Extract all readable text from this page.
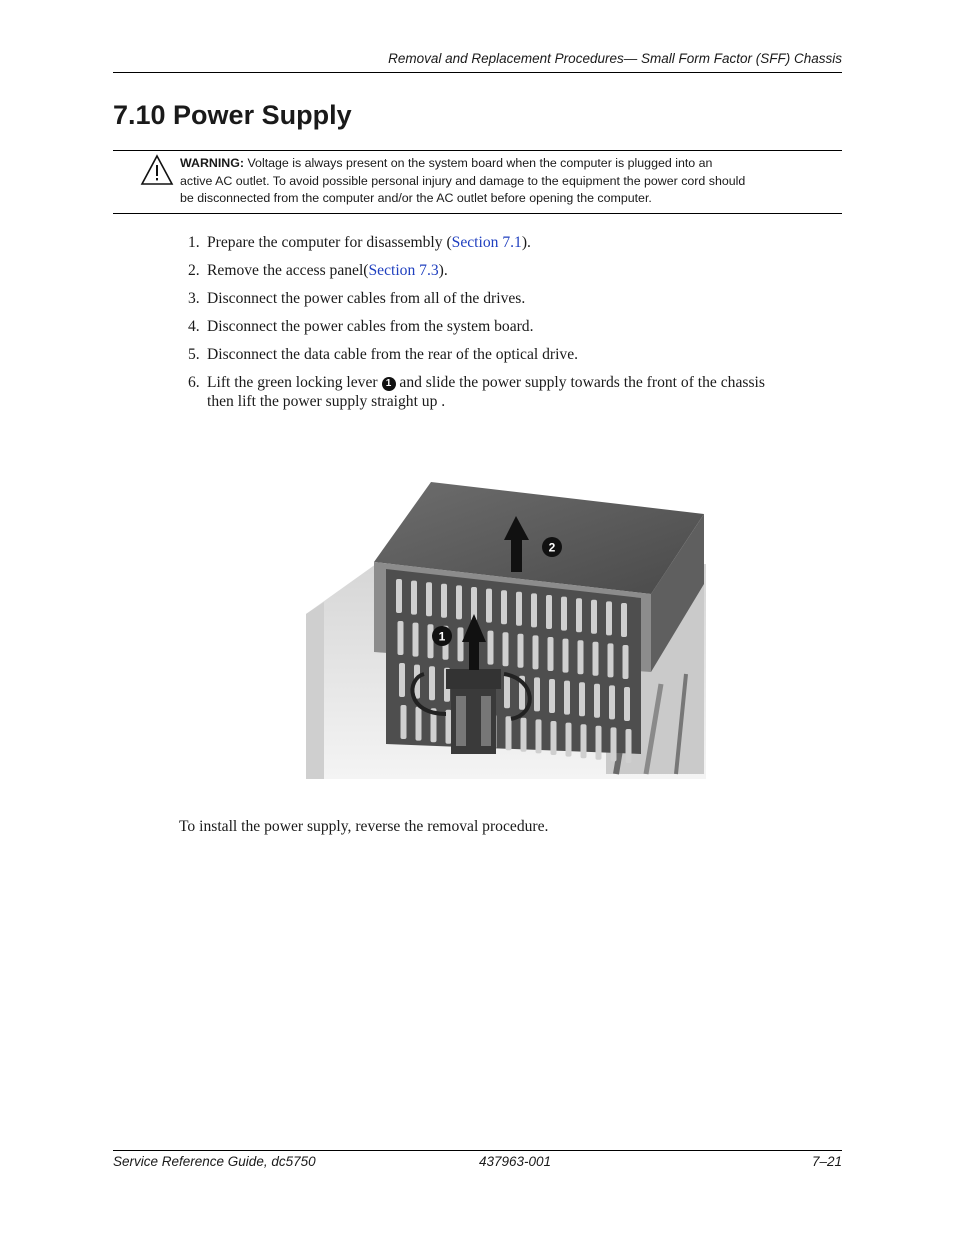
Removal and Replacement Procedures— Small Form Factor (SFF) Chassis
7.10 Power Supply
WARNING: Voltage is always present on the system board when the computer is plugged into an
active AC outlet. To avoid possible personal injury and damage to the equipment the power cord should
be disconnected from the computer and/or the AC outlet before opening the computer.
1. Prepare the computer for disassembly (Section 7.1).
2. Remove the access panel(Section 7.3).
3. Disconnect the power cables from all of the drives.
4. Disconnect the power cables from the system board.
5. Disconnect the data cable from the rear of the optical drive.
6. Lift the green locking lever 1 and slide the power supply towards the front of the chassis
then lift the power supply straight up .
1
2
To install the power supply, reverse the removal procedure.
Service Reference Guide, dc5750	437963-001	7–21
